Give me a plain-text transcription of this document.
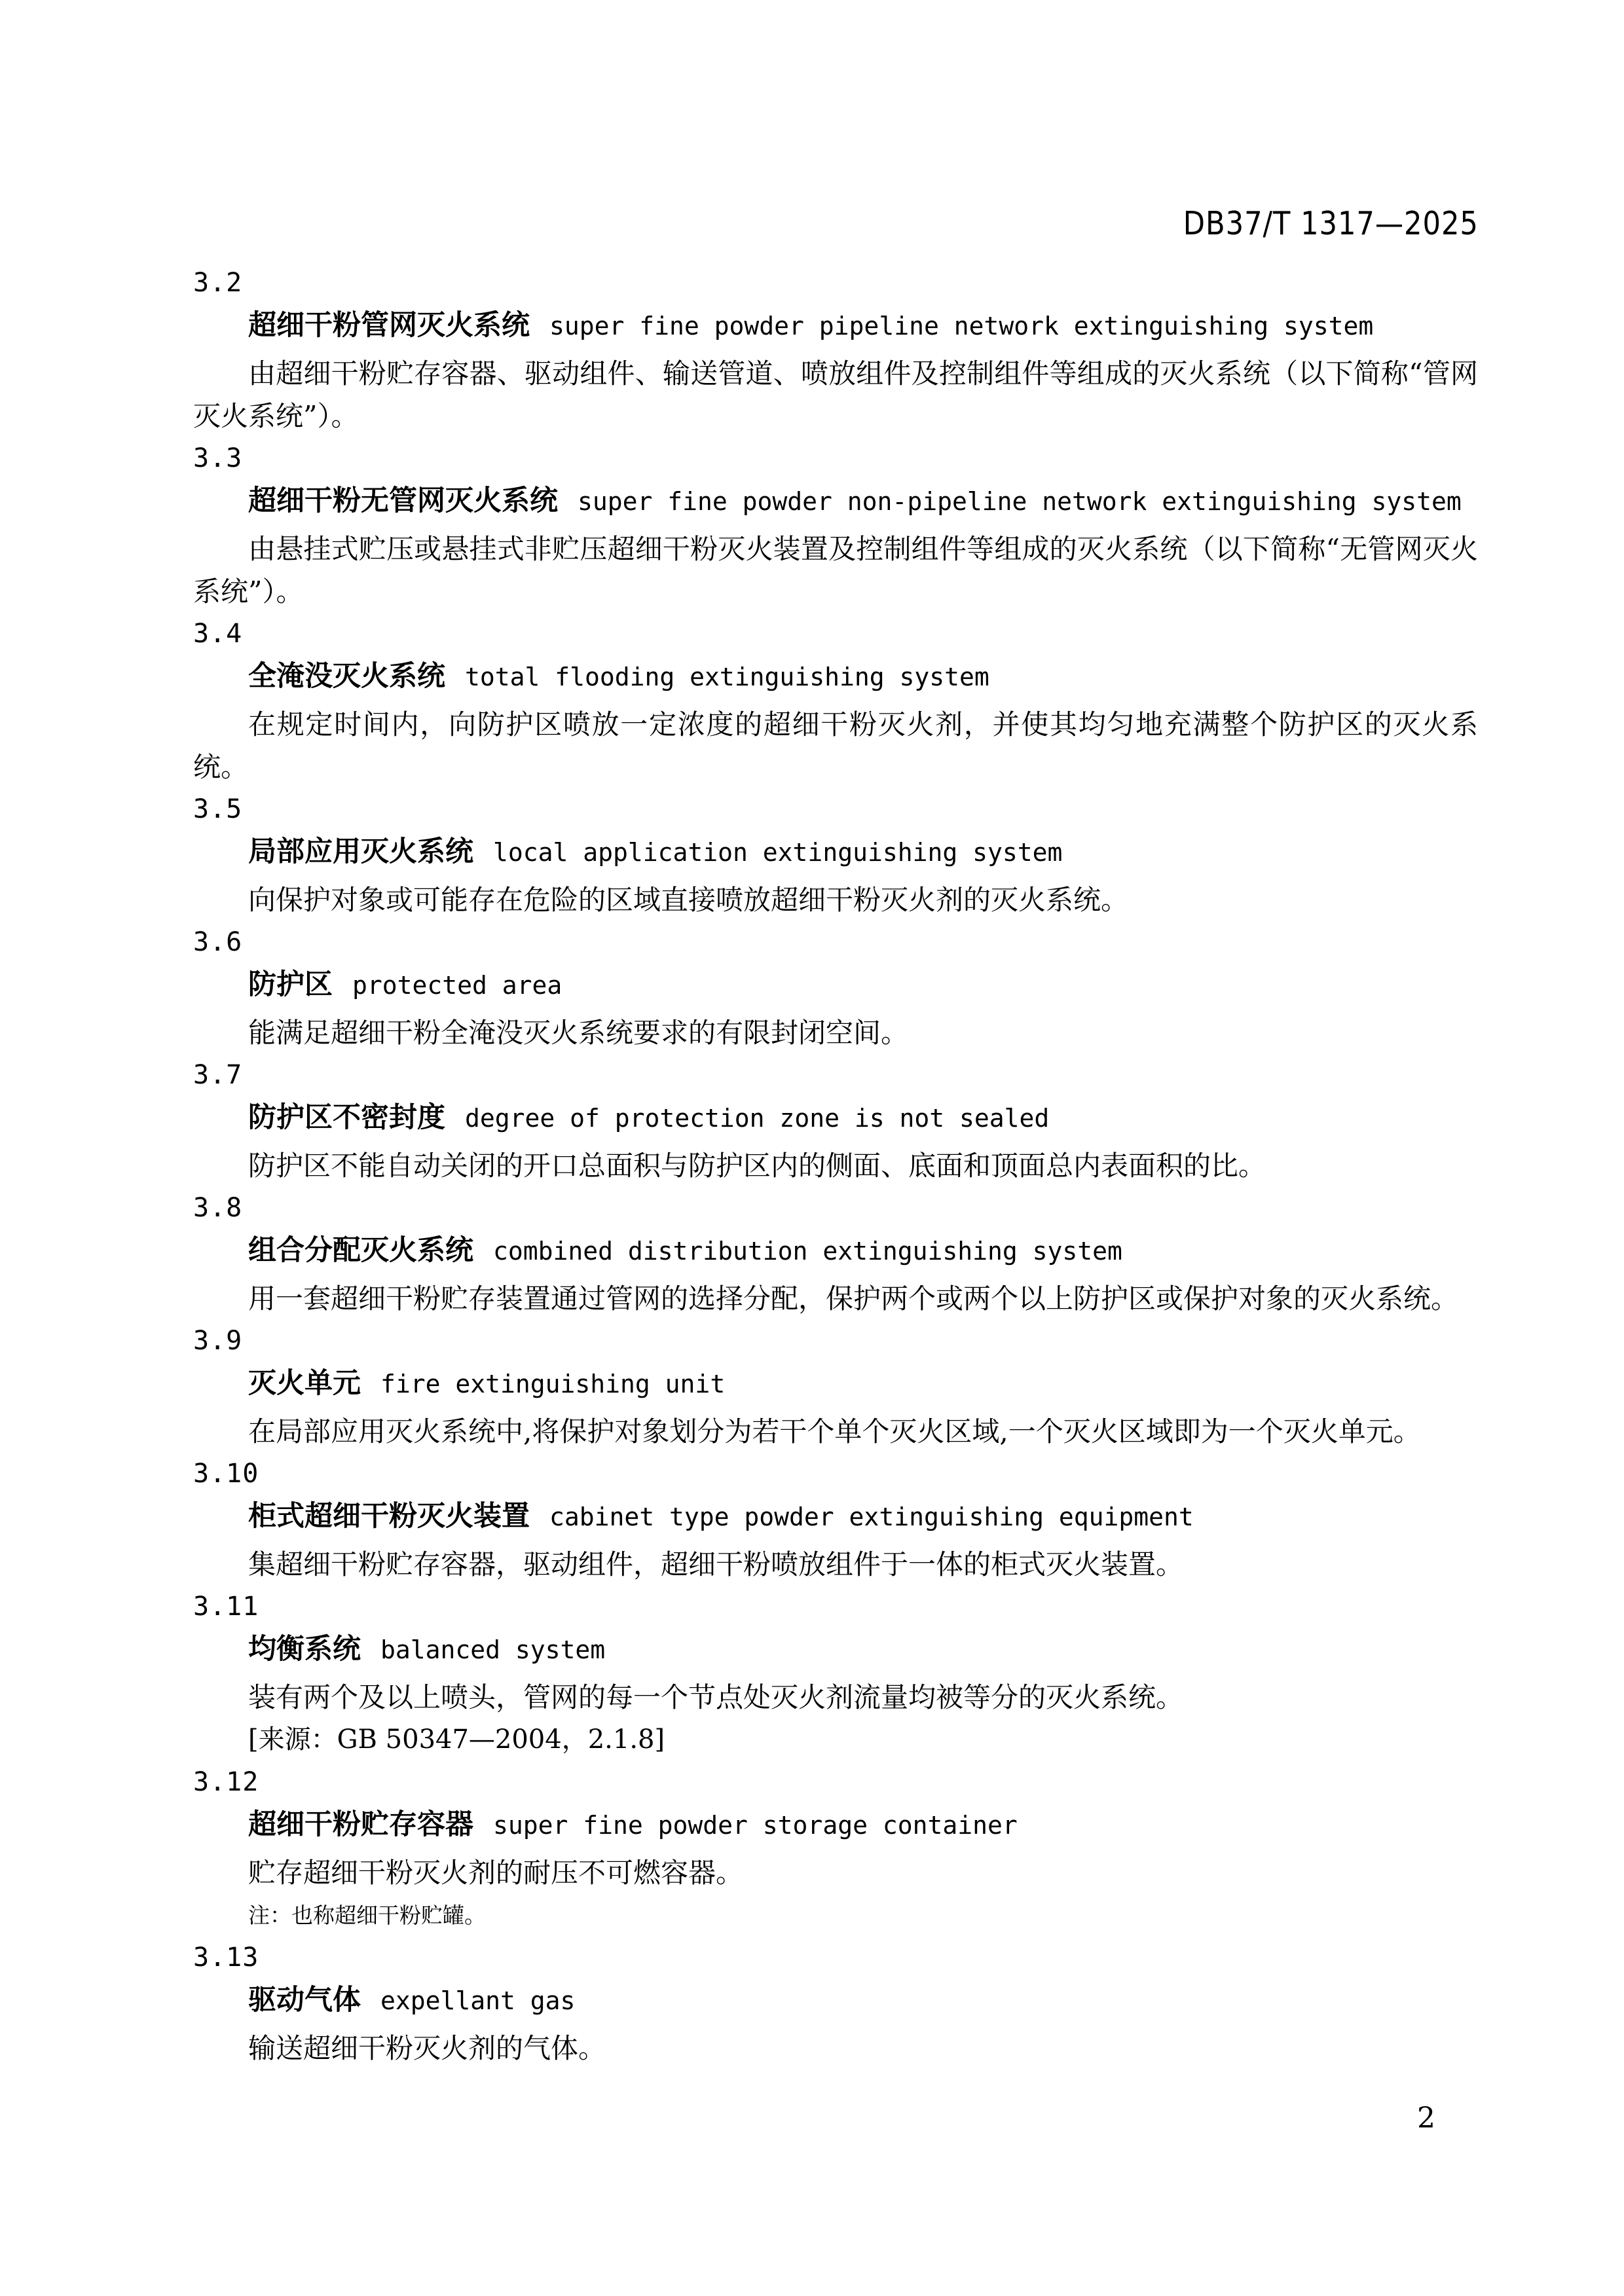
DB37/T 1317—2025
3.2
超细干粉管网灭火系统 super fine powder pipeline network extinguishing system
由超细干粉贮存容器、驱动组件、输送管道、喷放组件及控制组件等组成的灭火系统（以下简称“管网灭火系统”）。
3.3
超细干粉无管网灭火系统 super fine powder non-pipeline network extinguishing system
由悬挂式贮压或悬挂式非贮压超细干粉灭火装置及控制组件等组成的灭火系统（以下简称“无管网灭火系统”）。
3.4
全淹没灭火系统 total flooding extinguishing system
在规定时间内，向防护区喷放一定浓度的超细干粉灭火剂，并使其均匀地充满整个防护区的灭火系统。
3.5
局部应用灭火系统 local application extinguishing system
向保护对象或可能存在危险的区域直接喷放超细干粉灭火剂的灭火系统。
3.6
防护区 protected area
能满足超细干粉全淹没灭火系统要求的有限封闭空间。
3.7
防护区不密封度 degree of protection zone is not sealed
防护区不能自动关闭的开口总面积与防护区内的侧面、底面和顶面总内表面积的比。
3.8
组合分配灭火系统 combined distribution extinguishing system
用一套超细干粉贮存装置通过管网的选择分配，保护两个或两个以上防护区或保护对象的灭火系统。
3.9
灭火单元 fire extinguishing unit
在局部应用灭火系统中,将保护对象划分为若干个单个灭火区域,一个灭火区域即为一个灭火单元。
3.10
柜式超细干粉灭火装置 cabinet type powder extinguishing equipment
集超细干粉贮存容器，驱动组件，超细干粉喷放组件于一体的柜式灭火装置。
3.11
均衡系统 balanced system
装有两个及以上喷头，管网的每一个节点处灭火剂流量均被等分的灭火系统。
[来源：GB 50347—2004，2.1.8]
3.12
超细干粉贮存容器 super fine powder storage container
贮存超细干粉灭火剂的耐压不可燃容器。
注：也称超细干粉贮罐。
3.13
驱动气体 expellant gas
输送超细干粉灭火剂的气体。
2
